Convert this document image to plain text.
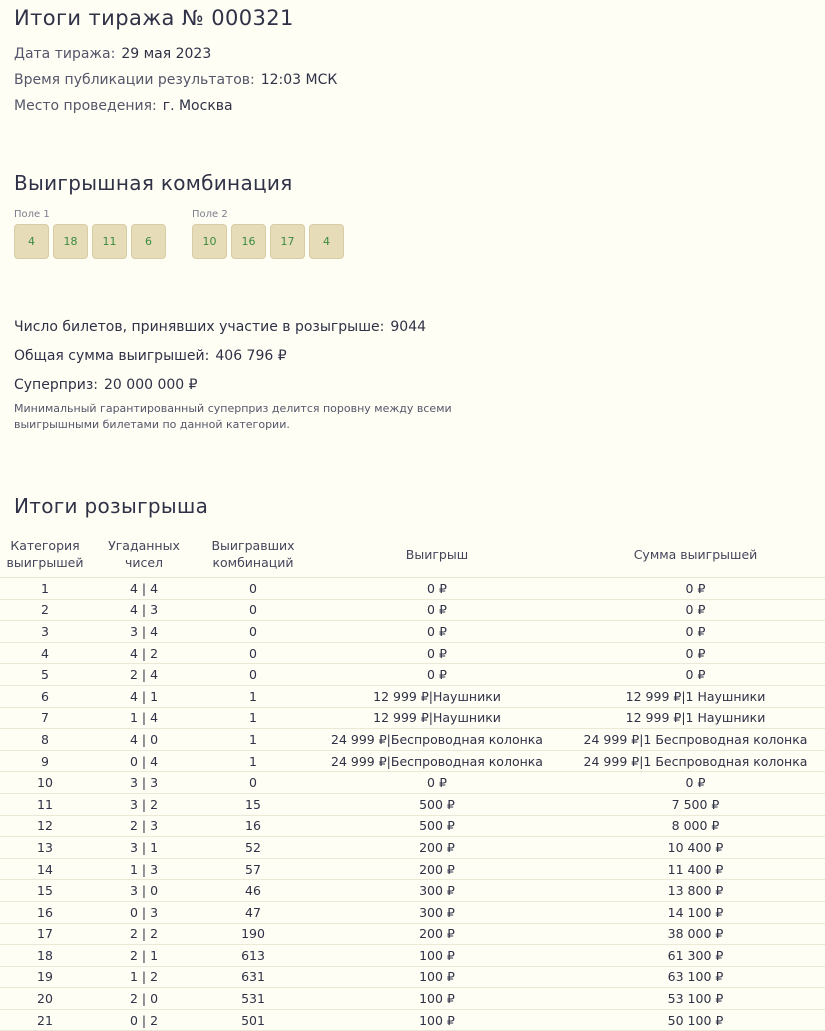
Итоги тиража № 000321
Дата тиража: 29 мая 2023
Время публикации результатов: 12:03 МСК
Место проведения: г. Москва
Выигрышная комбинация
Поле 1
4	18	11	6
Поле 2
10	16	17	4
Число билетов, принявших участие в розыгрыше: 9044
Общая сумма выигрышей: 406 796 ₽
Суперприз: 20 000 000 ₽
Минимальный гарантированный суперприз делится поровну между всеми выигрышными билетами по данной категории.
Итоги розыгрыша
Категория выигрышей	Угаданных чисел	Выигравших комбинаций	Выигрыш	Сумма выигрышей
1	4 | 4	0	0 ₽	0 ₽
2	4 | 3	0	0 ₽	0 ₽
3	3 | 4	0	0 ₽	0 ₽
4	4 | 2	0	0 ₽	0 ₽
5	2 | 4	0	0 ₽	0 ₽
6	4 | 1	1	12 999 ₽|Наушники	12 999 ₽|1 Наушники
7	1 | 4	1	12 999 ₽|Наушники	12 999 ₽|1 Наушники
8	4 | 0	1	24 999 ₽|Беспроводная колонка	24 999 ₽|1 Беспроводная колонка
9	0 | 4	1	24 999 ₽|Беспроводная колонка	24 999 ₽|1 Беспроводная колонка
10	3 | 3	0	0 ₽	0 ₽
11	3 | 2	15	500 ₽	7 500 ₽
12	2 | 3	16	500 ₽	8 000 ₽
13	3 | 1	52	200 ₽	10 400 ₽
14	1 | 3	57	200 ₽	11 400 ₽
15	3 | 0	46	300 ₽	13 800 ₽
16	0 | 3	47	300 ₽	14 100 ₽
17	2 | 2	190	200 ₽	38 000 ₽
18	2 | 1	613	100 ₽	61 300 ₽
19	1 | 2	631	100 ₽	63 100 ₽
20	2 | 0	531	100 ₽	53 100 ₽
21	0 | 2	501	100 ₽	50 100 ₽
